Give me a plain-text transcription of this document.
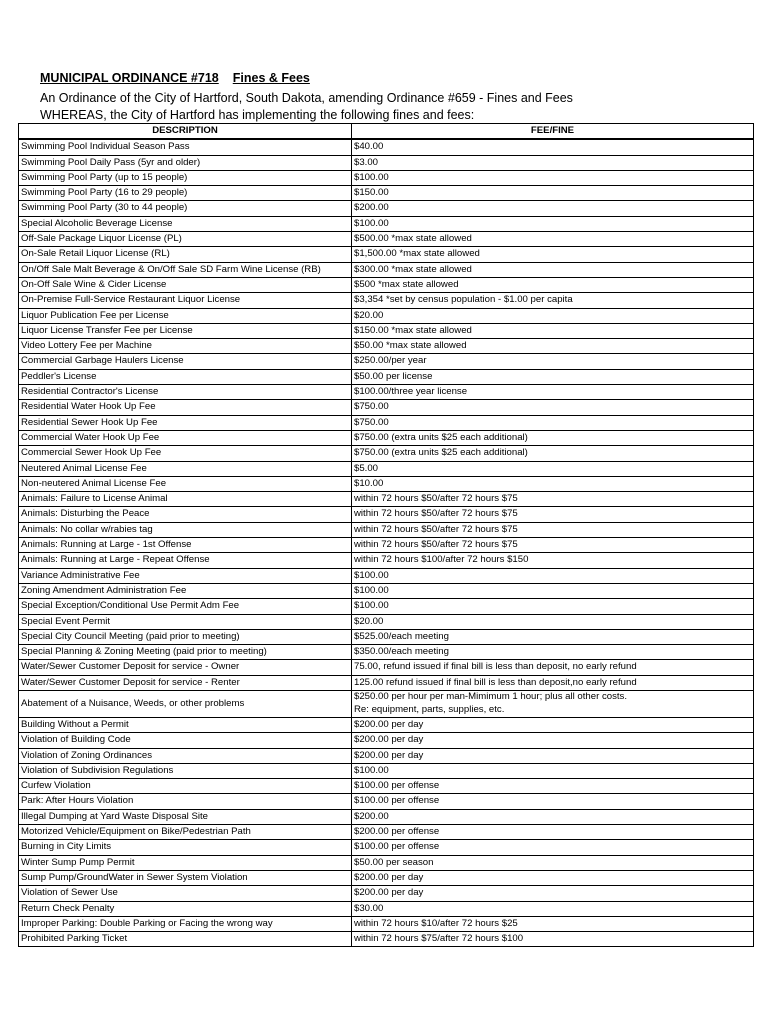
MUNICIPAL ORDINANCE #718 Fines & Fees
An Ordinance of the City of Hartford, South Dakota, amending Ordinance #659 - Fines and Fees
WHEREAS, the City of Hartford has implementing the following fines and fees:
DESCRIPTION	FEE/FINE
Swimming Pool Individual Season Pass	$40.00
Swimming Pool Daily Pass (5yr and older)	$3.00
Swimming Pool Party (up to 15 people)	$100.00
Swimming Pool Party (16 to 29 people)	$150.00
Swimming Pool Party (30 to 44 people)	$200.00
Special Alcoholic Beverage License	$100.00
Off-Sale Package Liquor License (PL)	$500.00 *max state allowed
On-Sale Retail Liquor License (RL)	$1,500.00 *max state allowed
On/Off Sale Malt Beverage & On/Off Sale SD Farm Wine License (RB)	$300.00 *max state allowed
On-Off Sale Wine & Cider License	$500 *max state allowed
On-Premise Full-Service Restaurant Liquor License	$3,354 *set by census population - $1.00 per capita
Liquor Publication Fee per License	$20.00
Liquor License Transfer Fee per License	$150.00 *max state allowed
Video Lottery Fee per Machine	$50.00 *max state allowed
Commercial Garbage Haulers License	$250.00/per year
Peddler's License	$50.00 per license
Residential Contractor's License	$100.00/three year license
Residential Water Hook Up Fee	$750.00
Residential Sewer Hook Up Fee	$750.00
Commercial Water Hook Up Fee	$750.00 (extra units $25 each additional)
Commercial Sewer Hook Up Fee	$750.00 (extra units $25 each additional)
Neutered Animal License Fee	$5.00
Non-neutered Animal License Fee	$10.00
Animals: Failure to License Animal	within 72 hours $50/after 72 hours $75
Animals: Disturbing the Peace	within 72 hours $50/after 72 hours $75
Animals: No collar w/rabies tag	within 72 hours $50/after 72 hours $75
Animals: Running at Large - 1st Offense	within 72 hours $50/after 72 hours $75
Animals: Running at Large - Repeat Offense	within 72 hours $100/after 72 hours $150
Variance Administrative Fee	$100.00
Zoning Amendment Administration Fee	$100.00
Special Exception/Conditional Use Permit Adm Fee	$100.00
Special Event Permit	$20.00
Special City Council Meeting (paid prior to meeting)	$525.00/each meeting
Special Planning & Zoning Meeting (paid prior to meeting)	$350.00/each meeting
Water/Sewer Customer Deposit for service - Owner	75.00, refund issued if final bill is less than deposit, no early refund
Water/Sewer Customer Deposit for service - Renter	125.00 refund issued if final bill is less than deposit,no early refund
Abatement of a Nuisance, Weeds, or other problems	$250.00 per hour per man-Mimimum 1 hour; plus all other costs.
Re: equipment, parts, supplies, etc.

Building Without a Permit	$200.00 per day
Violation of Building Code	$200.00 per day
Violation of Zoning Ordinances	$200.00 per day
Violation of Subdivision Regulations	$100.00
Curfew Violation	$100.00 per offense
Park: After Hours Violation	$100.00 per offense
Illegal Dumping at Yard Waste Disposal Site	$200.00
Motorized Vehicle/Equipment on Bike/Pedestrian Path	$200.00 per offense
Burning in City Limits	$100.00 per offense
Winter Sump Pump Permit	$50.00 per season
Sump Pump/GroundWater in Sewer System Violation	$200.00 per day
Violation of Sewer Use	$200.00 per day
Return Check Penalty	$30.00
Improper Parking: Double Parking or Facing the wrong way	within 72 hours $10/after 72 hours $25
Prohibited Parking Ticket	within 72 hours $75/after 72 hours $100
